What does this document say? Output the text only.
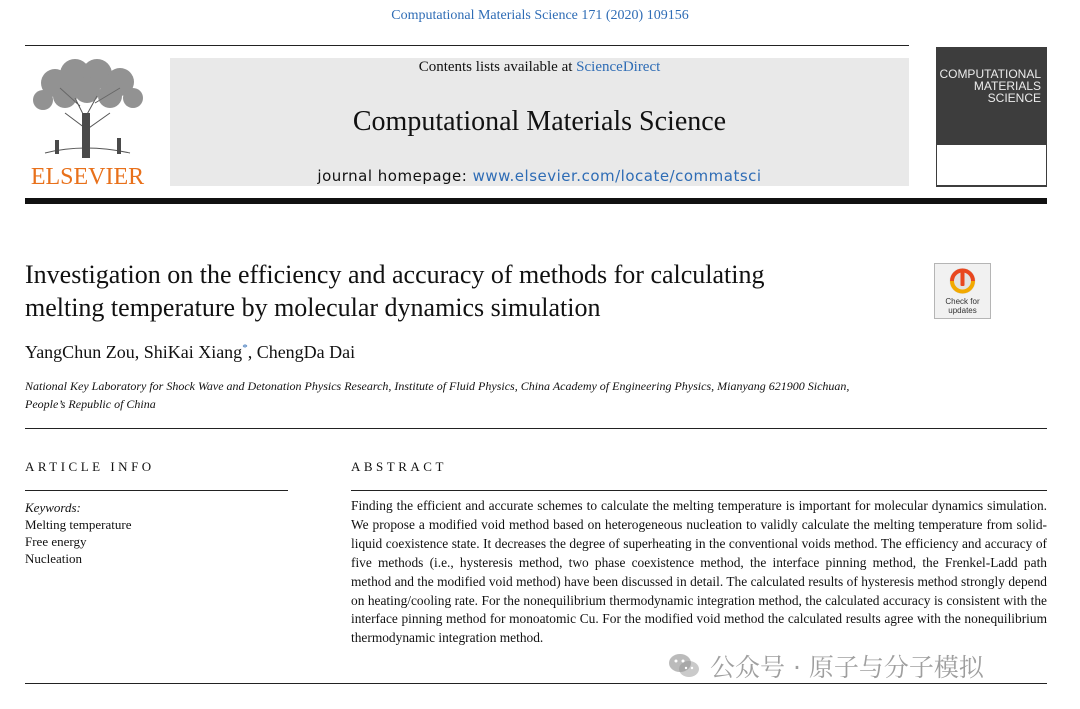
Computational Materials Science 171 (2020) 109156
ELSEVIER
Contents lists available at ScienceDirect
Computational Materials Science
journal homepage: www.elsevier.com/locate/commatsci
COMPUTATIONAL
MATERIALS
SCIENCE
Investigation on the efficiency and accuracy of methods for calculating
melting temperature by molecular dynamics simulation	Check for
updates
YangChun Zou, ShiKai Xiang*, ChengDa Dai
National Key Laboratory for Shock Wave and Detonation Physics Research, Institute of Fluid Physics, China Academy of Engineering Physics, Mianyang 621900 Sichuan,
People’s Republic of China
ARTICLE INFO	ABSTRACT
Keywords:
Melting temperature
Free energy
Nucleation
Finding the efficient and accurate schemes to calculate the melting temperature is important for molecular dynamics simulation. We propose a modified void method based on heterogeneous nucleation to validly calculate the melting temperature from solid-liquid coexistence state. It decreases the degree of superheating in the conventional voids method. The efficiency and accuracy of five methods (i.e., hysteresis method, two phase coexistence method, the interface pinning method, the Frenkel-Ladd path method and the modified void method) have been discussed in detail. The calculated results of hysteresis method strongly depend on heating/cooling rate. For the nonequilibrium thermodynamic integration method, the calculated accuracy is consistent with the interface pinning method for monoatomic Cu. For the modified void method the calculated results agree with the nonequilibrium thermodynamic integration method.
公众号 · 原子与分子模拟
